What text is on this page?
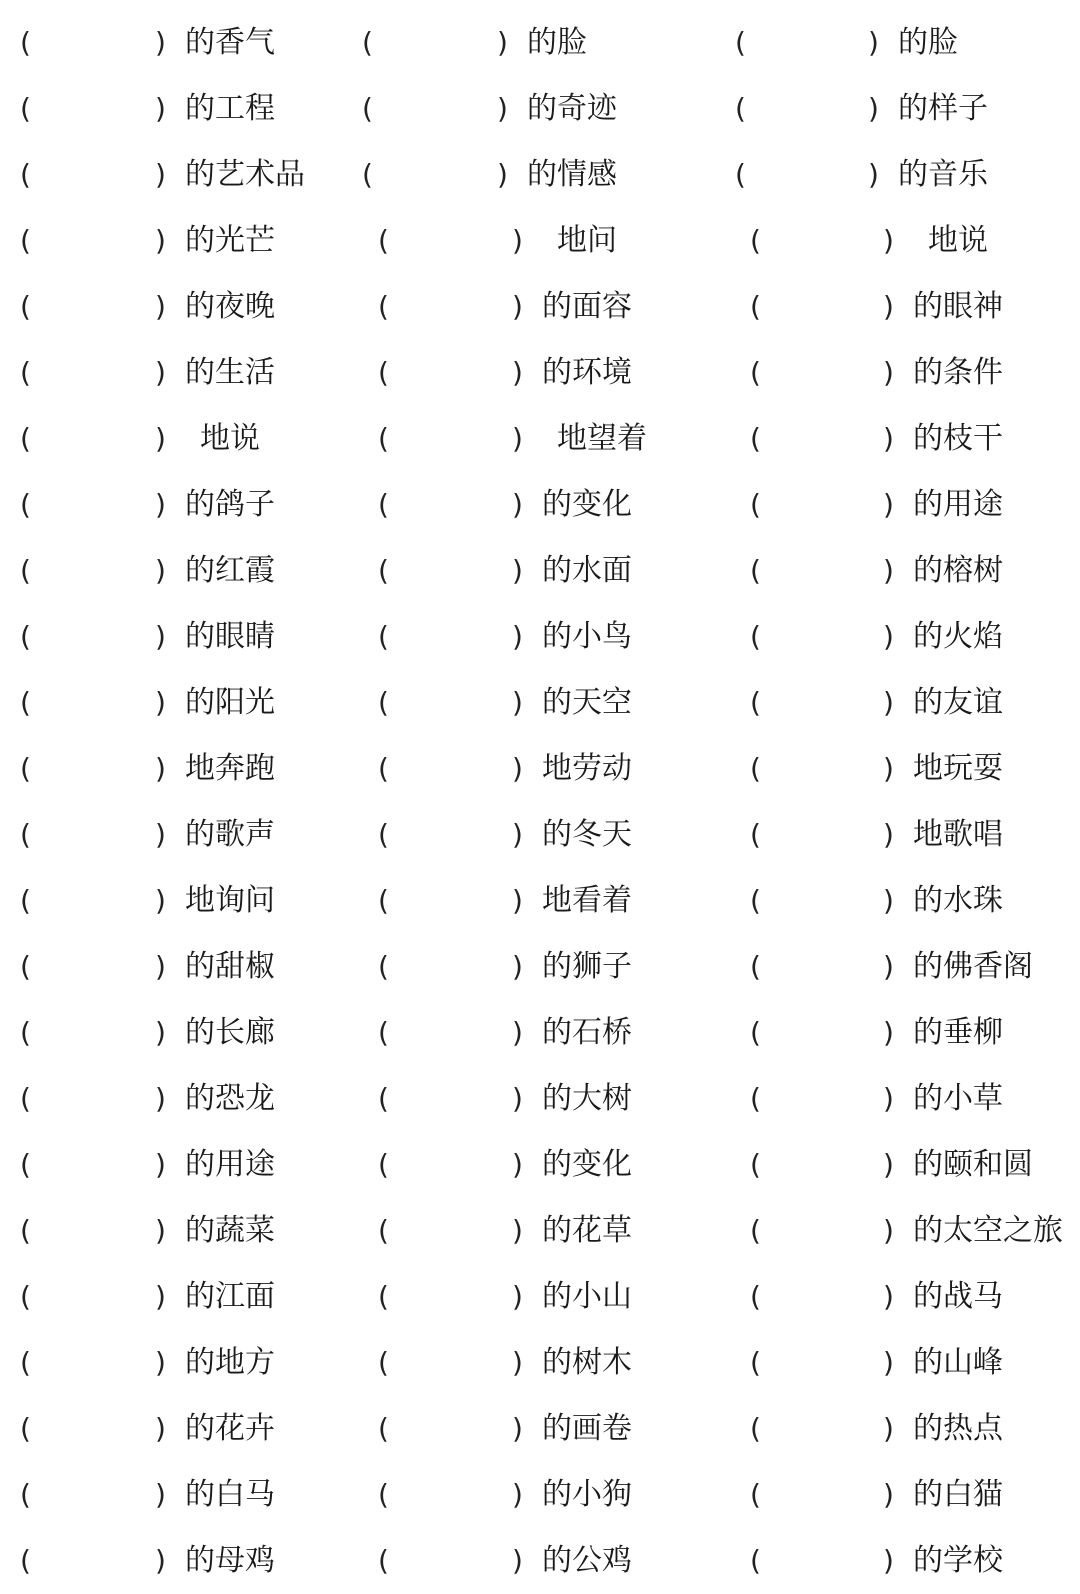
(	) 的香气	(	) 的脸	(	) 的脸
(	) 的工程	(	) 的奇迹	(	) 的样子
(	) 的艺术品 (	) 的情感	(	) 的音乐
(	) 的光芒	(	) 地问	(	) 地说
(	) 的夜晚	(	) 的面容	(	) 的眼神
(	) 的生活	(	) 的环境	(	) 的条件
(	) 地说	(	) 地望着	(	) 的枝干
(	) 的鸽子	(	) 的变化	(	) 的用途
(	) 的红霞	(	) 的水面	(	) 的榕树
(	) 的眼睛	(	) 的小鸟	(	) 的火焰
(	) 的阳光	(	) 的天空	(	) 的友谊
(	) 地奔跑	(	) 地劳动	(	) 地玩耍
(	) 的歌声	(	) 的冬天	(	) 地歌唱
(	) 地询问	(	) 地看着	(	) 的水珠
(	) 的甜椒	(	) 的狮子	(	) 的佛香阁
(	) 的长廊	(	) 的石桥	(	) 的垂柳
(	) 的恐龙	(	) 的大树	(	) 的小草
(	) 的用途	(	) 的变化	(	) 的颐和圆
(	) 的蔬菜	(	) 的花草	(	) 的太空之旅
(	) 的江面	(	) 的小山	(	) 的战马
(	) 的地方	(	) 的树木	(	) 的山峰
(	) 的花卉	(	) 的画卷	(	) 的热点
(	) 的白马	(	) 的小狗	(	) 的白猫
(	) 的母鸡	(	) 的公鸡	(	) 的学校
